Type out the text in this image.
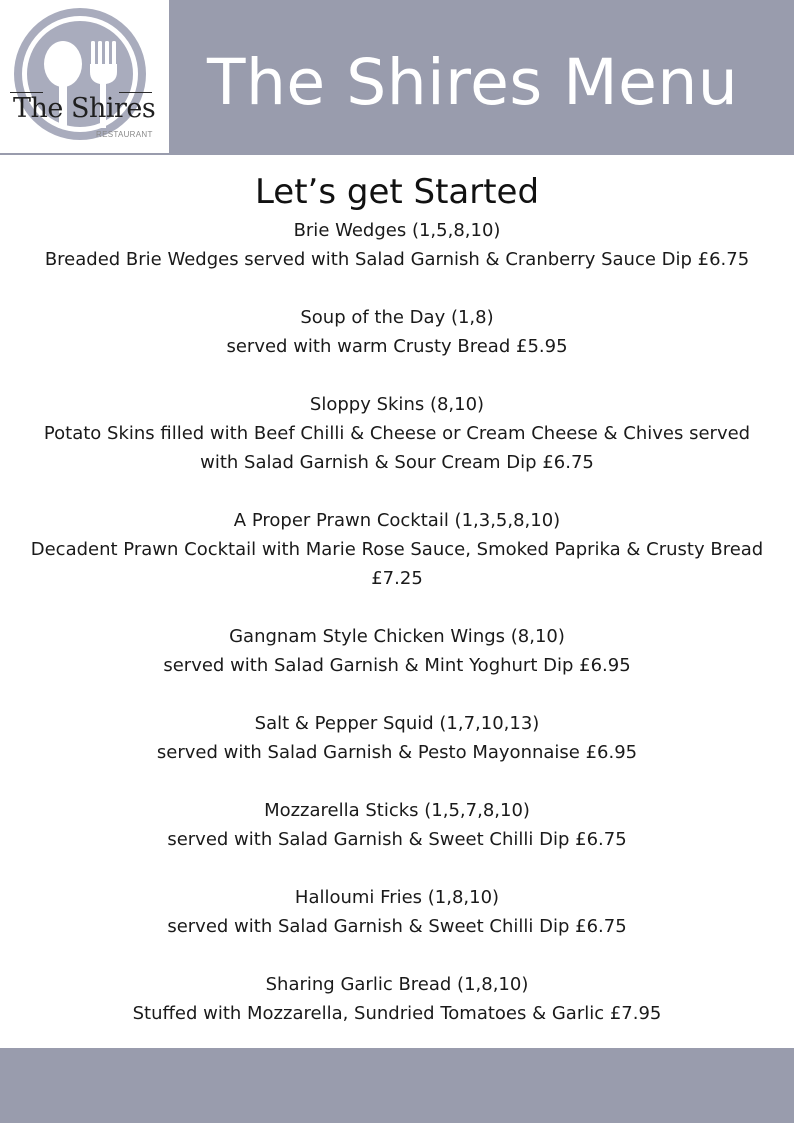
The Shires
RESTAURANT
The Shires Menu
Let’s get Started
Brie Wedges (1,5,8,10)
Breaded Brie Wedges served with Salad Garnish & Cranberry Sauce Dip £6.75
Soup of the Day (1,8)
served with warm Crusty Bread £5.95
Sloppy Skins (8,10)
Potato Skins filled with Beef Chilli & Cheese or Cream Cheese & Chives served with Salad Garnish & Sour Cream Dip £6.75
A Proper Prawn Cocktail (1,3,5,8,10)
Decadent Prawn Cocktail with Marie Rose Sauce, Smoked Paprika & Crusty Bread £7.25
Gangnam Style Chicken Wings (8,10)
served with Salad Garnish & Mint Yoghurt Dip £6.95
Salt & Pepper Squid (1,7,10,13)
served with Salad Garnish & Pesto Mayonnaise £6.95
Mozzarella Sticks (1,5,7,8,10)
served with Salad Garnish & Sweet Chilli Dip £6.75
Halloumi Fries (1,8,10)
served with Salad Garnish & Sweet Chilli Dip £6.75
Sharing Garlic Bread (1,8,10)
Stuffed with Mozzarella, Sundried Tomatoes & Garlic £7.95
